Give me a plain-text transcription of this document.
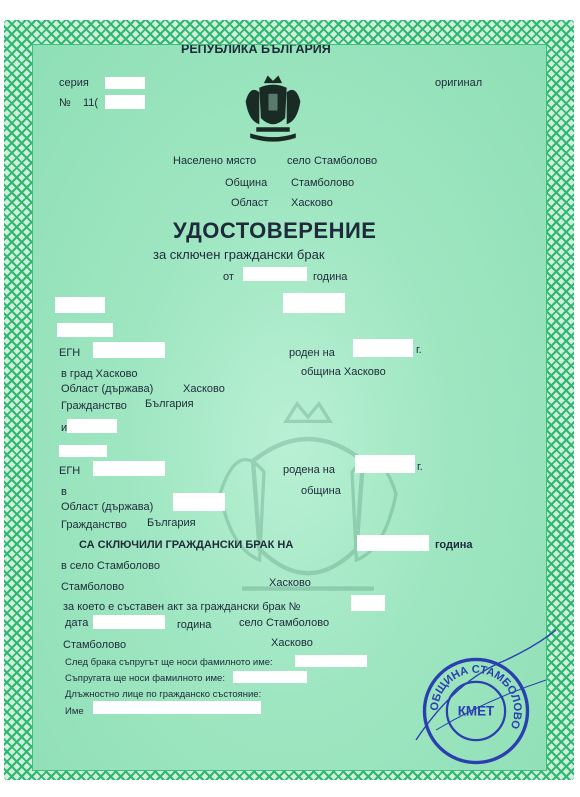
РЕПУБЛИКА БЪЛГАРИЯ
серия
№ 11(
оригинал
Населено място	село Стамболово
Община Стамболово
Област Хасково
УДОСТОВЕРЕНИЕ
за сключен граждански брак
от	година
ЕГН	роден на	г.
в град Хасково	община Хасково
Област (държава)	Хасково
Гражданство България
и
ЕГН	родена на	г.
в	община
Област (държава)
Гражданство България
СА СКЛЮЧИЛИ ГРАЖДАНСКИ БРАК НА	година
в село Стамболово
Стамболово	Хасково
за което е съставен акт за граждански брак №
дата	година	село Стамболово
Стамболово	Хасково
След брака съпругът ще носи фамилното име:
Съпругата ще носи фамилното име:
Длъжностно лице по гражданско състояние:
Име	ОБЩИНА СТАМБОЛОВО
КМЕТ
